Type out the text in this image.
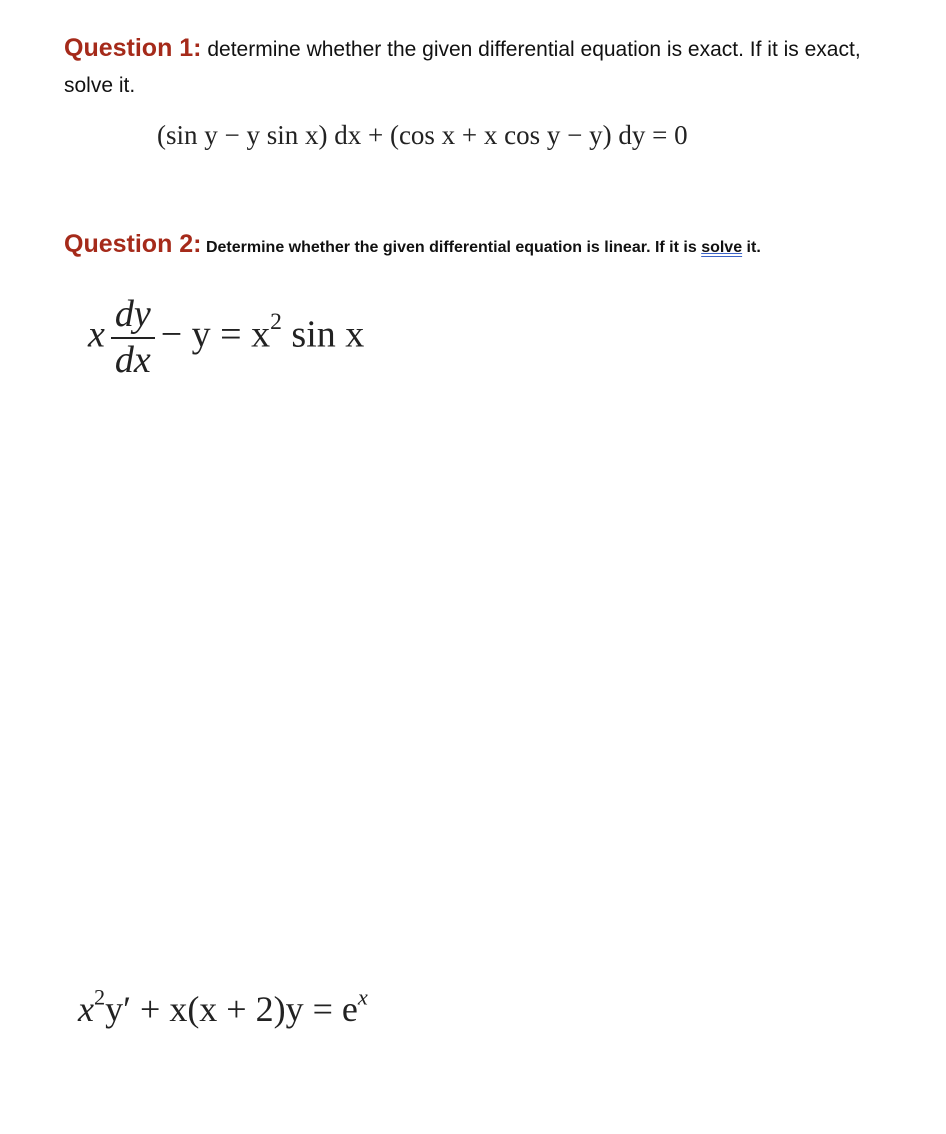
Question 1: determine whether the given differential equation is exact. If it is exact, solve it.
(sin y − y sin x) dx + (cos x + x cos y − y) dy = 0
Question 2: Determine whether the given differential equation is linear. If it is solve it.
x $\frac{dy}{dx} - y = x^2$ sin x
$x^2y' + x(x + 2)y = e^x$
